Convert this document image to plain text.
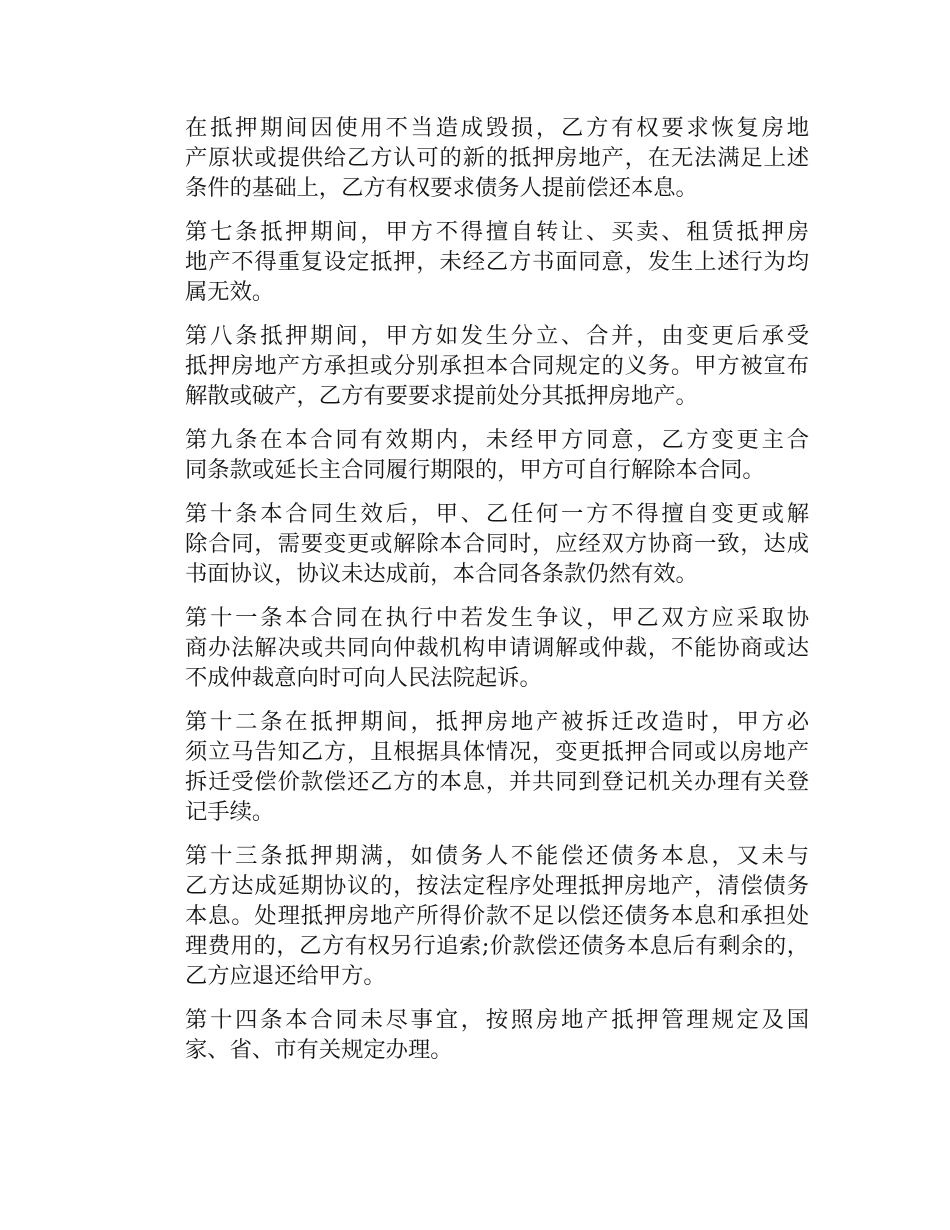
在抵押期间因使用不当造成毁损，乙方有权要求恢复房地
产原状或提供给乙方认可的新的抵押房地产，在无法满足上述
条件的基础上，乙方有权要求债务人提前偿还本息。

第七条抵押期间，甲方不得擅自转让、买卖、租赁抵押房
地产不得重复设定抵押，未经乙方书面同意，发生上述行为均
属无效。

第八条抵押期间，甲方如发生分立、合并，由变更后承受
抵押房地产方承担或分别承担本合同规定的义务。甲方被宣布
解散或破产，乙方有要要求提前处分其抵押房地产。

第九条在本合同有效期内，未经甲方同意，乙方变更主合
同条款或延长主合同履行期限的，甲方可自行解除本合同。

第十条本合同生效后，甲、乙任何一方不得擅自变更或解
除合同，需要变更或解除本合同时，应经双方协商一致，达成
书面协议，协议未达成前，本合同各条款仍然有效。

第十一条本合同在执行中若发生争议，甲乙双方应采取协
商办法解决或共同向仲裁机构申请调解或仲裁，不能协商或达
不成仲裁意向时可向人民法院起诉。

第十二条在抵押期间，抵押房地产被拆迁改造时，甲方必
须立马告知乙方，且根据具体情况，变更抵押合同或以房地产
拆迁受偿价款偿还乙方的本息，并共同到登记机关办理有关登
记手续。

第十三条抵押期满，如债务人不能偿还债务本息，又未与
乙方达成延期协议的，按法定程序处理抵押房地产，清偿债务
本息。处理抵押房地产所得价款不足以偿还债务本息和承担处
理费用的，乙方有权另行追索;价款偿还债务本息后有剩余的，
乙方应退还给甲方。

第十四条本合同未尽事宜，按照房地产抵押管理规定及国
家、省、市有关规定办理。
